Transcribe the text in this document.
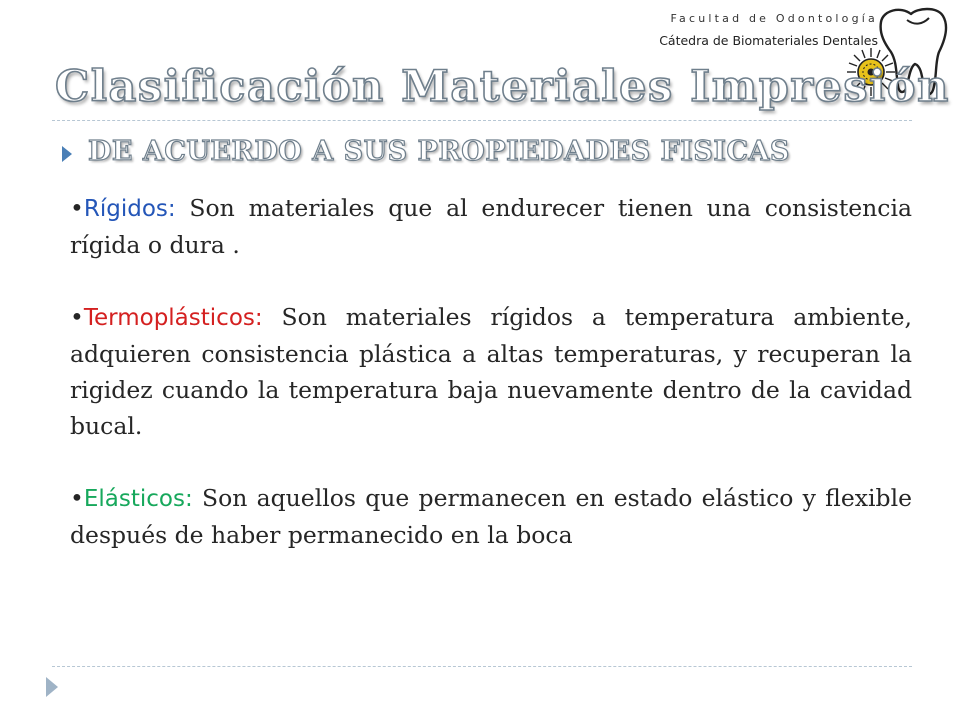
Facultad de Odontología
Cátedra de Biomateriales Dentales
Clasificación Materiales Impresión
DE ACUERDO A SUS PROPIEDADES FISICAS

•Rígidos: Son materiales que al endurecer tienen una consistencia rígida o dura .

•Termoplásticos: Son materiales rígidos a temperatura ambiente, adquieren consistencia plástica a altas temperaturas, y recuperan la rigidez cuando la temperatura baja nuevamente dentro de la cavidad bucal.

•Elásticos: Son aquellos que permanecen en estado elástico y flexible después de haber permanecido en la boca
